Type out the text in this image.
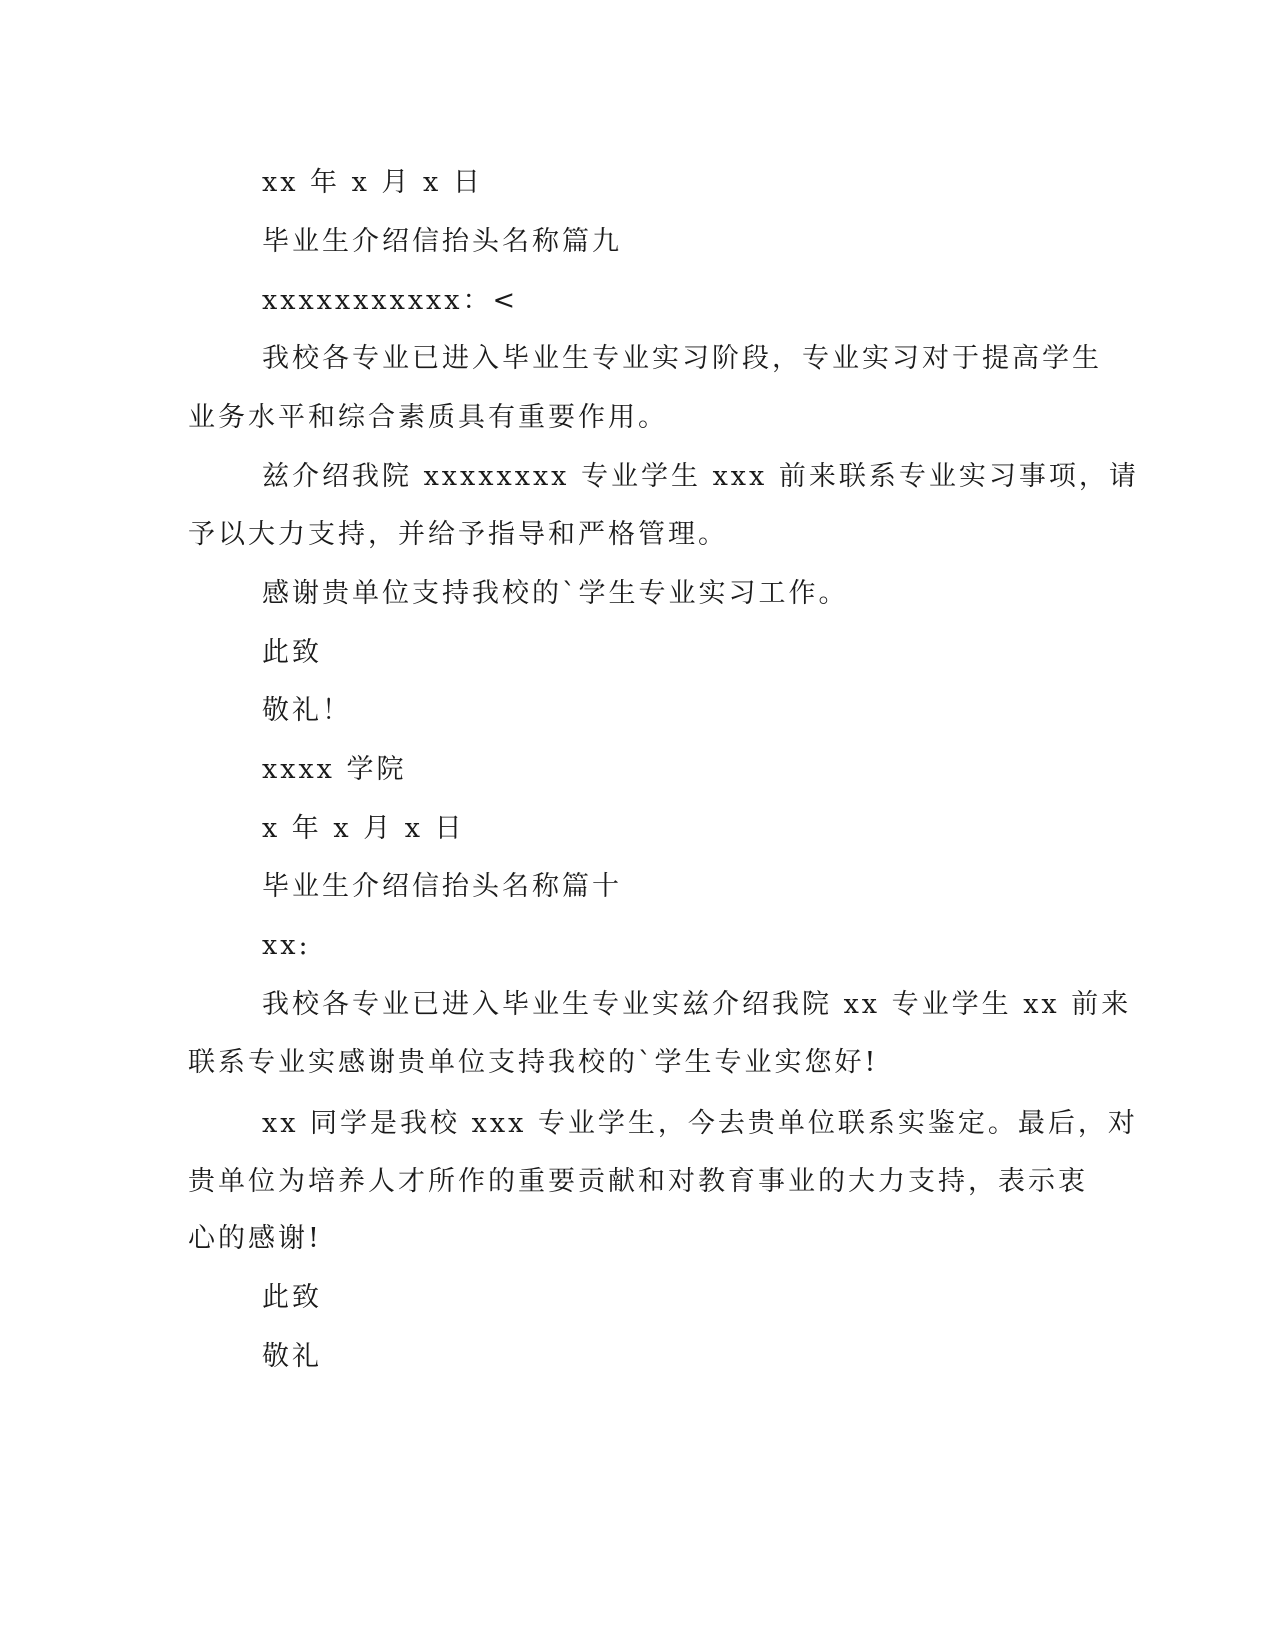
xx 年 x 月 x 日
毕业生介绍信抬头名称篇九
xxxxxxxxxxx：<
我校各专业已进入毕业生专业实习阶段，专业实习对于提高学生
业务水平和综合素质具有重要作用。
兹介绍我院 xxxxxxxx 专业学生 xxx 前来联系专业实习事项，请
予以大力支持，并给予指导和严格管理。
感谢贵单位支持我校的`学生专业实习工作。
此致
敬礼！
xxxx 学院
x 年 x 月 x 日
毕业生介绍信抬头名称篇十
xx:
我校各专业已进入毕业生专业实兹介绍我院 xx 专业学生 xx 前来
联系专业实感谢贵单位支持我校的`学生专业实您好!
xx 同学是我校 xxx 专业学生，今去贵单位联系实鉴定。最后，对
贵单位为培养人才所作的重要贡献和对教育事业的大力支持，表示衷
心的感谢!
此致
敬礼
